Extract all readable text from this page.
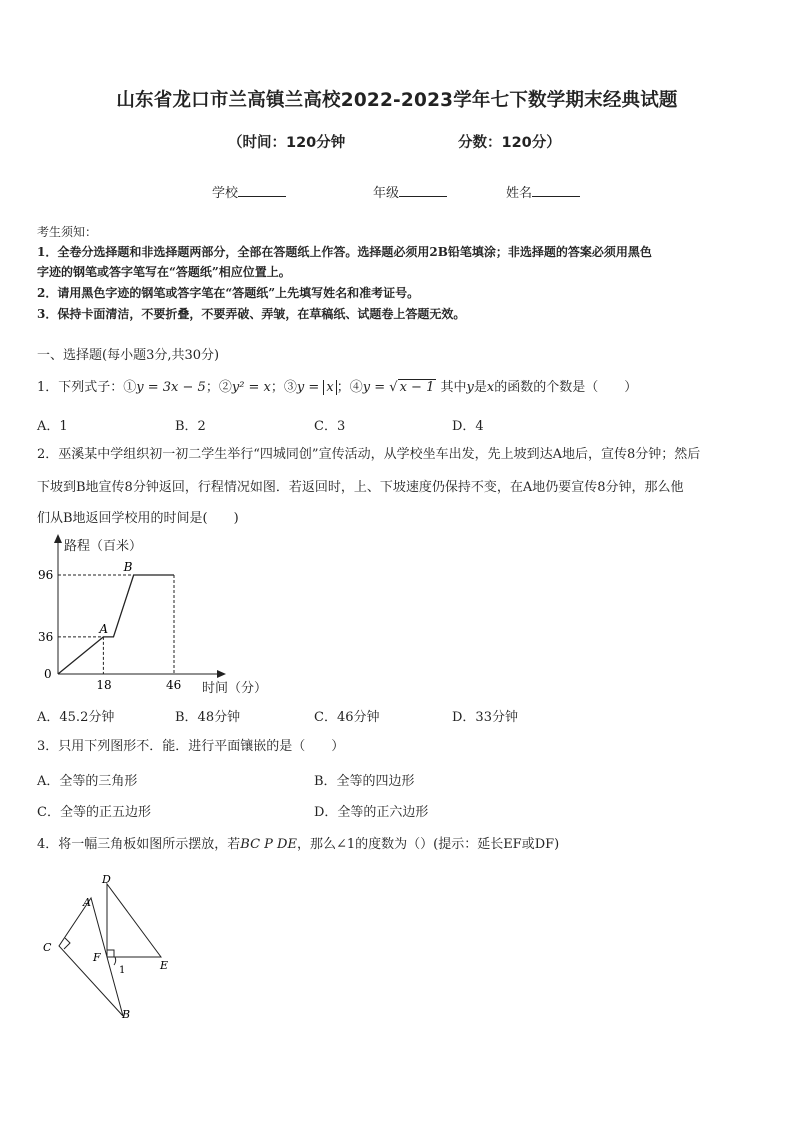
山东省龙口市兰高镇兰高校2022-2023学年七下数学期末经典试题
（时间：120分钟	分数：120分）
学校	年级	姓名
考生须知：
1．全卷分选择题和非选择题两部分，全部在答题纸上作答。选择题必须用2B铅笔填涂；非选择题的答案必须用黑色
字迹的钢笔或答字笔写在“答题纸”相应位置上。
2．请用黑色字迹的钢笔或答字笔在“答题纸”上先填写姓名和准考证号。
3．保持卡面清洁，不要折叠，不要弄破、弄皱，在草稿纸、试题卷上答题无效。
一、选择题(每小题3分,共30分)
1．下列式子：①y = 3x − 5；②y² = x；③y = x ；④y = √ x − 1 其中y是x的函数的个数是（　　）
A．1	B．2	C．3	D．4
2．巫溪某中学组织初一初二学生举行“四城同创”宣传活动，从学校坐车出发，先上坡到达A地后，宣传8分钟；然后
下坡到B地宣传8分钟返回，行程情况如图．若返回时，上、下坡速度仍保持不变，在A地仍要宣传8分钟，那么他
们从B地返回学校用的时间是(　　)
路程（百米）
时间（分）
0
18	46
36
96
A
B
A．45.2分钟	B．48分钟	C．46分钟	D．33分钟
3．只用下列图形不．能．进行平面镶嵌的是（　　）
A．全等的三角形	B．全等的四边形
C．全等的正五边形	D．全等的正六边形
4．将一幅三角板如图所示摆放，若BC P DE，那么∠1的度数为（）(提示：延长EF或DF)
D
A
C
F
1	E
B
